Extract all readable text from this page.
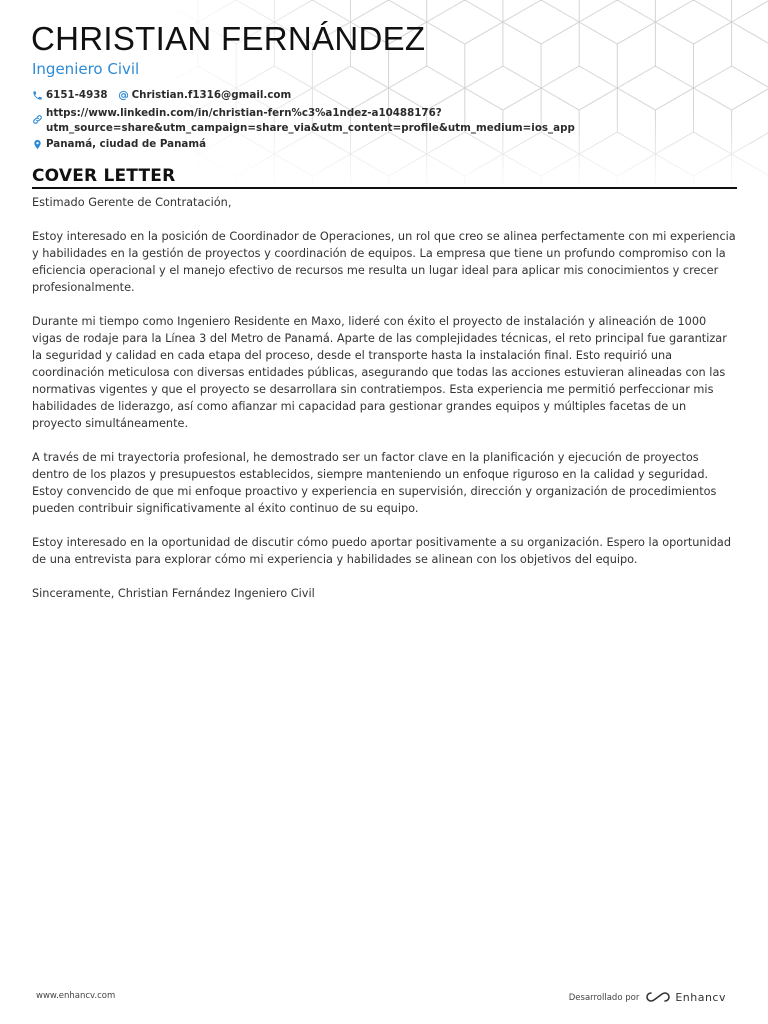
CHRISTIAN FERNÁNDEZ
Ingeniero Civil
6151-4938 Christian.f1316@gmail.com
https://www.linkedin.com/in/christian-fern%c3%a1ndez-a10488176?
utm_source=share&utm_campaign=share_via&utm_content=profile&utm_medium=ios_app
Panamá, ciudad de Panamá
COVER LETTER

Estimado Gerente de Contratación,

Estoy interesado en la posición de Coordinador de Operaciones, un rol que creo se alinea perfectamente con mi experiencia y habilidades en la gestión de proyectos y coordinación de equipos. La empresa que tiene un profundo compromiso con la eficiencia operacional y el manejo efectivo de recursos me resulta un lugar ideal para aplicar mis conocimientos y crecer profesionalmente.

Durante mi tiempo como Ingeniero Residente en Maxo, lideré con éxito el proyecto de instalación y alineación de 1000 vigas de rodaje para la Línea 3 del Metro de Panamá. Aparte de las complejidades técnicas, el reto principal fue garantizar la seguridad y calidad en cada etapa del proceso, desde el transporte hasta la instalación final. Esto requirió una coordinación meticulosa con diversas entidades públicas, asegurando que todas las acciones estuvieran alineadas con las normativas vigentes y que el proyecto se desarrollara sin contratiempos. Esta experiencia me permitió perfeccionar mis habilidades de liderazgo, así como afianzar mi capacidad para gestionar grandes equipos y múltiples facetas de un proyecto simultáneamente.

A través de mi trayectoria profesional, he demostrado ser un factor clave en la planificación y ejecución de proyectos dentro de los plazos y presupuestos establecidos, siempre manteniendo un enfoque riguroso en la calidad y seguridad. Estoy convencido de que mi enfoque proactivo y experiencia en supervisión, dirección y organización de procedimientos pueden contribuir significativamente al éxito continuo de su equipo.

Estoy interesado en la oportunidad de discutir cómo puedo aportar positivamente a su organización. Espero la oportunidad de una entrevista para explorar cómo mi experiencia y habilidades se alinean con los objetivos del equipo.

Sinceramente, Christian Fernández Ingeniero Civil

www.enhancv.com	Desarrollado por	Enhancv
